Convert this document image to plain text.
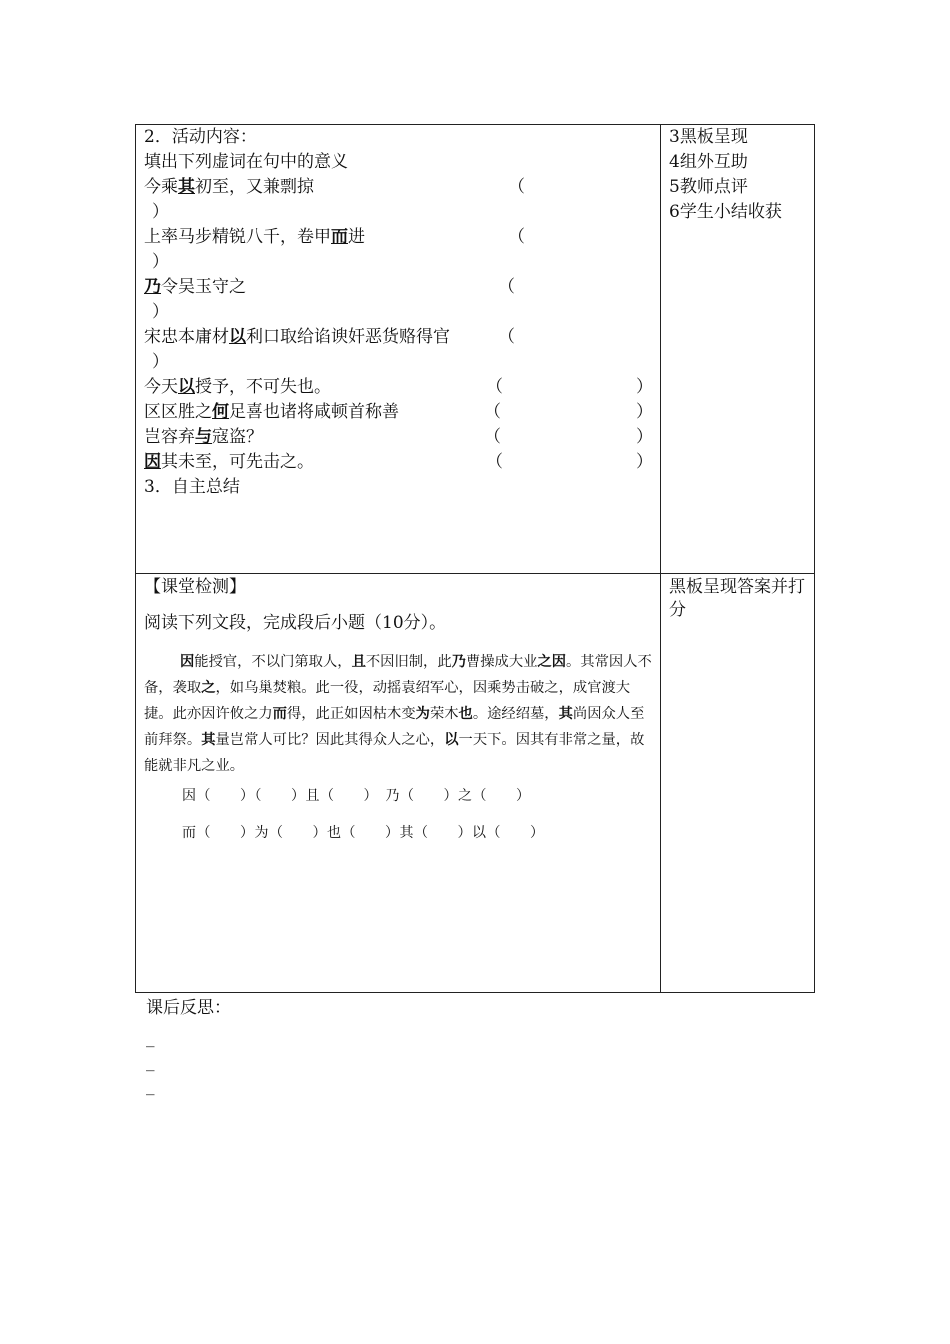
2．活动内容：
填出下列虚词在句中的意义
今乘其初至，又兼剽掠	（
）
上率马步精锐八千，卷甲而进	（
）
乃令吴玉守之	（
）
宋忠本庸材以利口取给谄谀奸恶货赂得官	（
）
今天以授予，不可失也。	（	）
区区胜之何足喜也诸将咸顿首称善	（	）
岂容弃与寇盗？	（	）
因其未至，可先击之。	（	）
3．自主总结
3黑板呈现
4组外互助
5教师点评
6学生小结收获
【课堂检测】
阅读下列文段，完成段后小题（10分）。

因能授官，不以门第取人，且不因旧制，此乃曹操成大业之因。其常因人不备，袭取之，如乌巢焚粮。此一役，动摇袁绍军心，因乘势击破之，成官渡大捷。此亦因许攸之力而得，此正如因枯木变为荣木也。途经绍墓，其尚因众人至前拜祭。其量岂常人可比？因此其得众人之心，以一天下。因其有非常之量，故能就非凡之业。

因（　　）（　　）且（　　）　乃（　　）之（　　）
而（　　）为（　　）也（　　）其（　　）以（　　）
黑板呈现答案并打分
课后反思：
_
_
_
